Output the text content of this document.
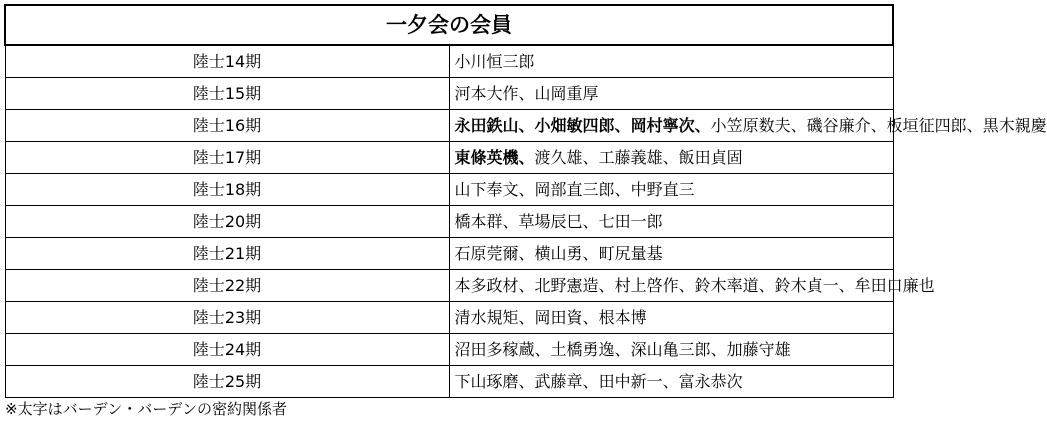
一夕会の会員	
陸士14期	小川恒三郎
陸士15期	河本大作、山岡重厚
陸士16期	永田鉄山、小畑敏四郎、岡村寧次、小笠原数夫、磯谷廉介、板垣征四郎、黒木親慶
陸士17期	東條英機、渡久雄、工藤義雄、飯田貞固
陸士18期	山下奉文、岡部直三郎、中野直三
陸士20期	橋本群、草場辰巳、七田一郎
陸士21期	石原莞爾、横山勇、町尻量基
陸士22期	本多政材、北野憲造、村上啓作、鈴木率道、鈴木貞一、牟田口廉也
陸士23期	清水規矩、岡田資、根本博
陸士24期	沼田多稼蔵、土橋勇逸、深山亀三郎、加藤守雄
陸士25期	下山琢磨、武藤章、田中新一、富永恭次
※太字はバーデン・バーデンの密約関係者
